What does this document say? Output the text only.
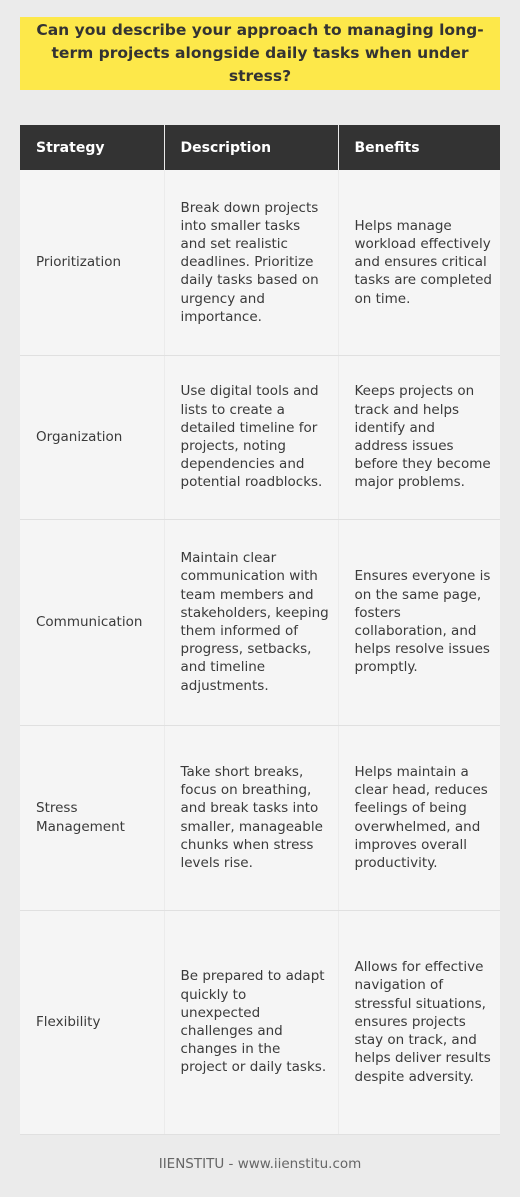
Can you describe your approach to managing long-term projects alongside daily tasks when under stress?
Strategy	Description	Benefits
Prioritization	Break down projects into smaller tasks and set realistic deadlines. Prioritize daily tasks based on urgency and importance.	Helps manage workload effectively and ensures critical tasks are completed on time.
Organization	Use digital tools and lists to create a detailed timeline for projects, noting dependencies and potential roadblocks.	Keeps projects on track and helps identify and address issues before they become major problems.
Communication	Maintain clear communication with team members and stakeholders, keeping them informed of progress, setbacks, and timeline adjustments.	Ensures everyone is on the same page, fosters collaboration, and helps resolve issues promptly.
Stress Management	Take short breaks, focus on breathing, and break tasks into smaller, manageable chunks when stress levels rise.	Helps maintain a clear head, reduces feelings of being overwhelmed, and improves overall productivity.
Flexibility	Be prepared to adapt quickly to unexpected challenges and changes in the project or daily tasks.	Allows for effective navigation of stressful situations, ensures projects stay on track, and helps deliver results despite adversity.
IIENSTITU - www.iienstitu.com
